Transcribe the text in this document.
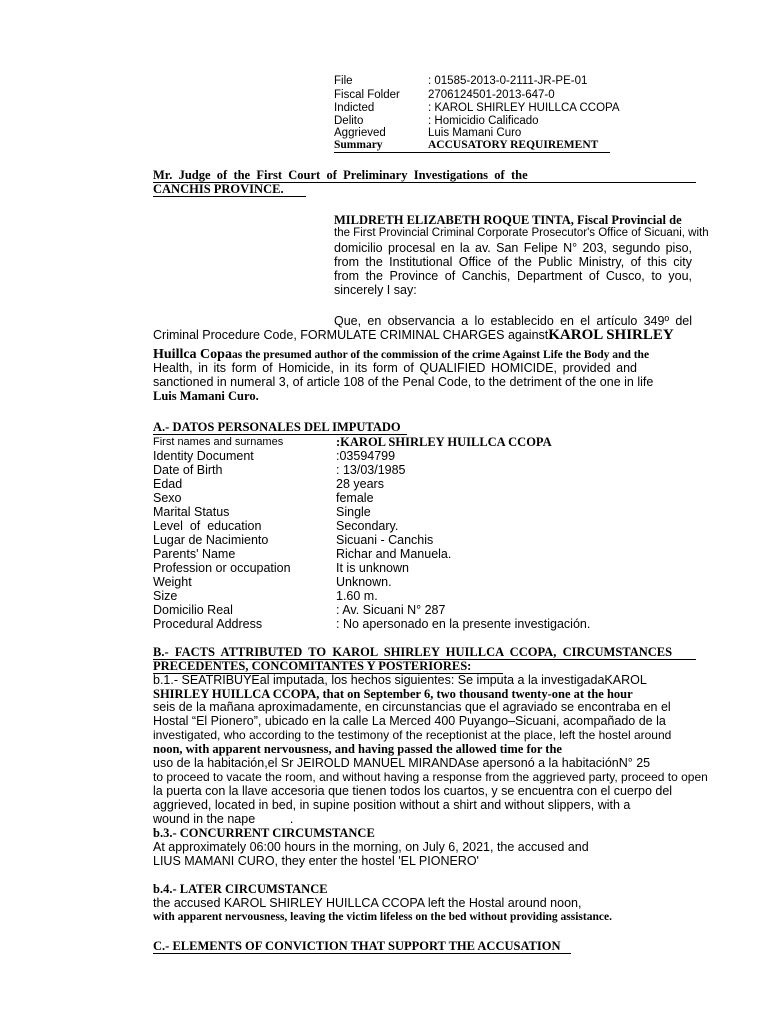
File	: 01585-2013-0-2111-JR-PE-01
Fiscal Folder 2706124501-2013-647-0
Indicted	: KAROL SHIRLEY HUILLCA CCOPA
Delito	: Homicidio Calificado
Aggrieved	Luis Mamani Curo
Summary	ACCUSATORY REQUIREMENT
Mr.  Judge  of  the  First  Court  of  Preliminary  Investigations  of  the
CANCHIS PROVINCE.
MILDRETH ELIZABETH ROQUE TINTA, Fiscal Provincial de
the First Provincial Criminal Corporate Prosecutor's Office of Sicuani, with
domicilio procesal en la av. San Felipe N° 203, segundo piso,
from the Institutional Office of the Public Ministry, of this city
from the Province of Canchis, Department of Cusco, to you,
sincerely I say:
Que, en observancia a lo establecido en el artículo 349º del
Criminal Procedure Code, FORMULATE CRIMINAL CHARGES againstKAROL SHIRLEY
Huillca Copaas the presumed author of the commission of the crime Against Life the Body and the
Health, in its form of Homicide, in its form of QUALIFIED HOMICIDE, provided and
sanctioned in numeral 3, of article 108 of the Penal Code, to the detriment of the one in life
Luis Mamani Curo.
A.- DATOS PERSONALES DEL IMPUTADO
First names and surnames	:KAROL SHIRLEY HUILLCA CCOPA
Identity Document	:03594799
Date of Birth	: 13/03/1985
Edad	28 years
Sexo	female
Marital Status	Single
Level  of  education	Secondary.
Lugar de Nacimiento	Sicuani - Canchis
Parents' Name	Richar and Manuela.
Profession or occupation	It is unknown
Weight	Unknown.
Size	1.60 m.
Domicilio Real	: Av. Sicuani N° 287
Procedural Address	: No apersonado en la presente investigación.
B.-  FACTS  ATTRIBUTED  TO  KAROL  SHIRLEY  HUILLCA  CCOPA,  CIRCUMSTANCES
PRECEDENTES, CONCOMITANTES Y POSTERIORES:
b.1.- SEATRIBUYEal imputada, los hechos siguientes: Se imputa a la investigadaKAROL
SHIRLEY HUILLCA CCOPA, that on September 6, two thousand twenty-one at the hour
seis de la mañana aproximadamente, en circunstancias que el agraviado se encontraba en el
Hostal “El Pionero”, ubicado en la calle La Merced 400 Puyango–Sicuani, acompañado de la
investigated, who according to the testimony of the receptionist at the place, left the hostel around
noon, with apparent nervousness, and having passed the allowed time for the
uso de la habitación,el Sr JEIROLD MANUEL MIRANDAse apersonó a la habitaciónN° 25
to proceed to vacate the room, and without having a response from the aggrieved party, proceed to open
la puerta con la llave accesoria que tienen todos los cuartos, y se encuentra con el cuerpo del
aggrieved, located in bed, in supine position without a shirt and without slippers, with a
wound in the nape          .
b.3.- CONCURRENT CIRCUMSTANCE
At approximately 06:00 hours in the morning, on July 6, 2021, the accused and
LIUS MAMANI CURO, they enter the hostel 'EL PIONERO'
b.4.- LATER CIRCUMSTANCE
the accused KAROL SHIRLEY HUILLCA CCOPA left the Hostal around noon,
with apparent nervousness, leaving the victim lifeless on the bed without providing assistance.
C.- ELEMENTS OF CONVICTION THAT SUPPORT THE ACCUSATION
